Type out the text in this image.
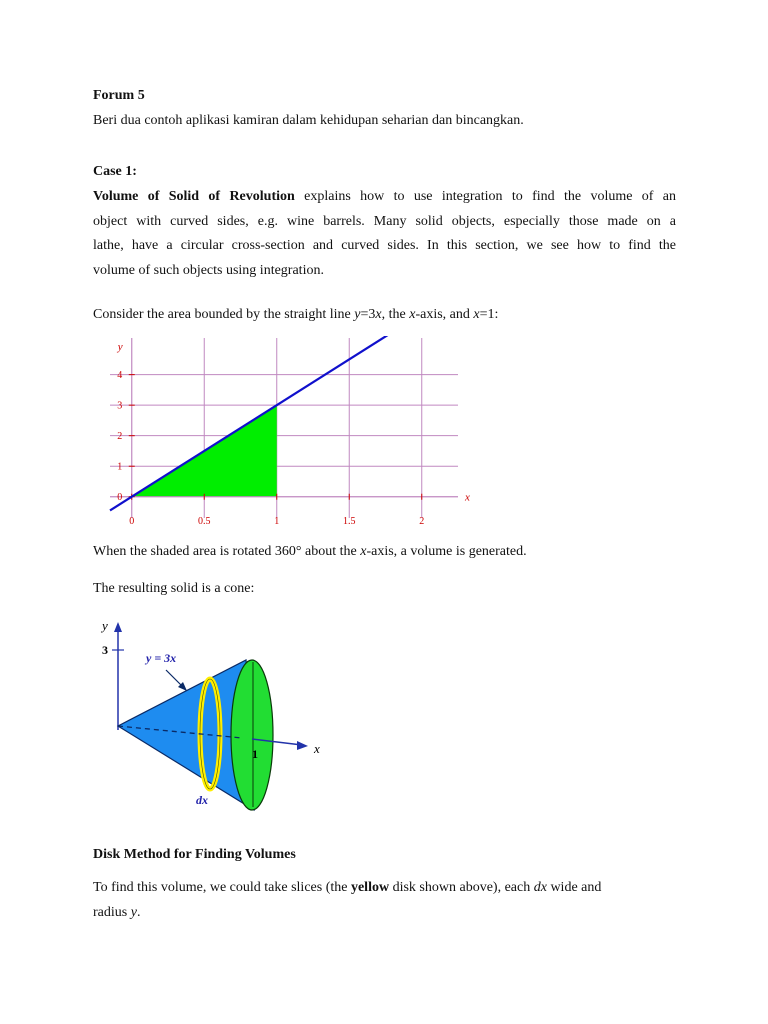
Forum 5
Beri dua contoh aplikasi kamiran dalam kehidupan seharian dan bincangkan.
Case 1:
Volume of Solid of Revolution explains how to use integration to find the volume of an
object with curved sides, e.g. wine barrels. Many solid objects, especially those made on a
lathe, have a circular cross-section and curved sides. In this section, we see how to find the
volume of such objects using integration.
Consider the area bounded by the straight line y=3x, the x-axis, and x=1:
0	0.5	1	1.5	2
0
1
2
3
4
x
y
When the shaded area is rotated 360° about the x-axis, a volume is generated.
The resulting solid is a cone:
y
3
x
1
y = 3x
dx
Disk Method for Finding Volumes
To find this volume, we could take slices (the yellow disk shown above), each dx wide and
radius y.
